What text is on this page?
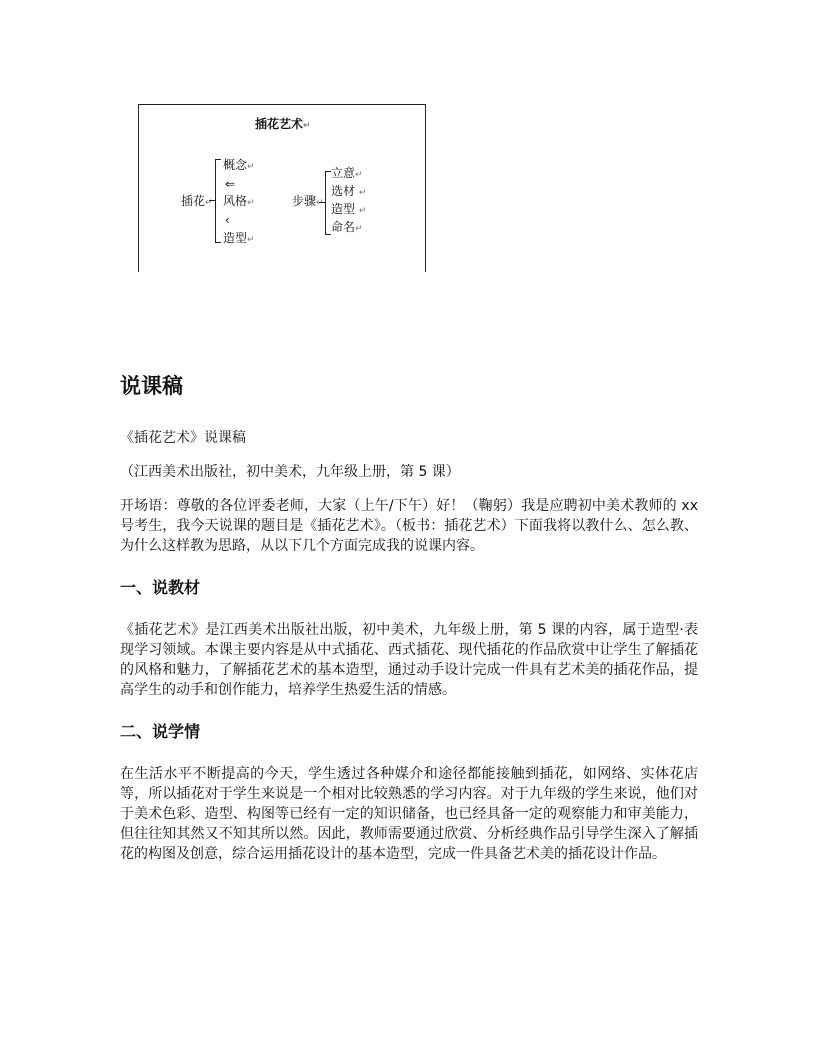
插花艺术↵
插花↵
概念↵
⇐
风格↵
‹
造型↵
步骤↵
立意↵
选材 ↵
造型 ↵
命名↵
说课稿

《插花艺术》说课稿

（江西美术出版社，初中美术，九年级上册，第 5 课）

开场语：尊敬的各位评委老师，大家（上午/下午）好！（鞠躬）我是应聘初中美术教师的 xx 号考生，我今天说课的题目是《插花艺术》。（板书：插花艺术）下面我将以教什么、怎么教、为什么这样教为思路，从以下几个方面完成我的说课内容。

一、说教材

《插花艺术》是江西美术出版社出版，初中美术，九年级上册，第 5 课的内容，属于造型·表现学习领域。本课主要内容是从中式插花、西式插花、现代插花的作品欣赏中让学生了解插花的风格和魅力，了解插花艺术的基本造型，通过动手设计完成一件具有艺术美的插花作品，提高学生的动手和创作能力，培养学生热爱生活的情感。

二、说学情

在生活水平不断提高的今天，学生透过各种媒介和途径都能接触到插花，如网络、实体花店等，所以插花对于学生来说是一个相对比较熟悉的学习内容。对于九年级的学生来说，他们对于美术色彩、造型、构图等已经有一定的知识储备，也已经具备一定的观察能力和审美能力，但往往知其然又不知其所以然。因此，教师需要通过欣赏、分析经典作品引导学生深入了解插花的构图及创意，综合运用插花设计的基本造型，完成一件具备艺术美的插花设计作品。
